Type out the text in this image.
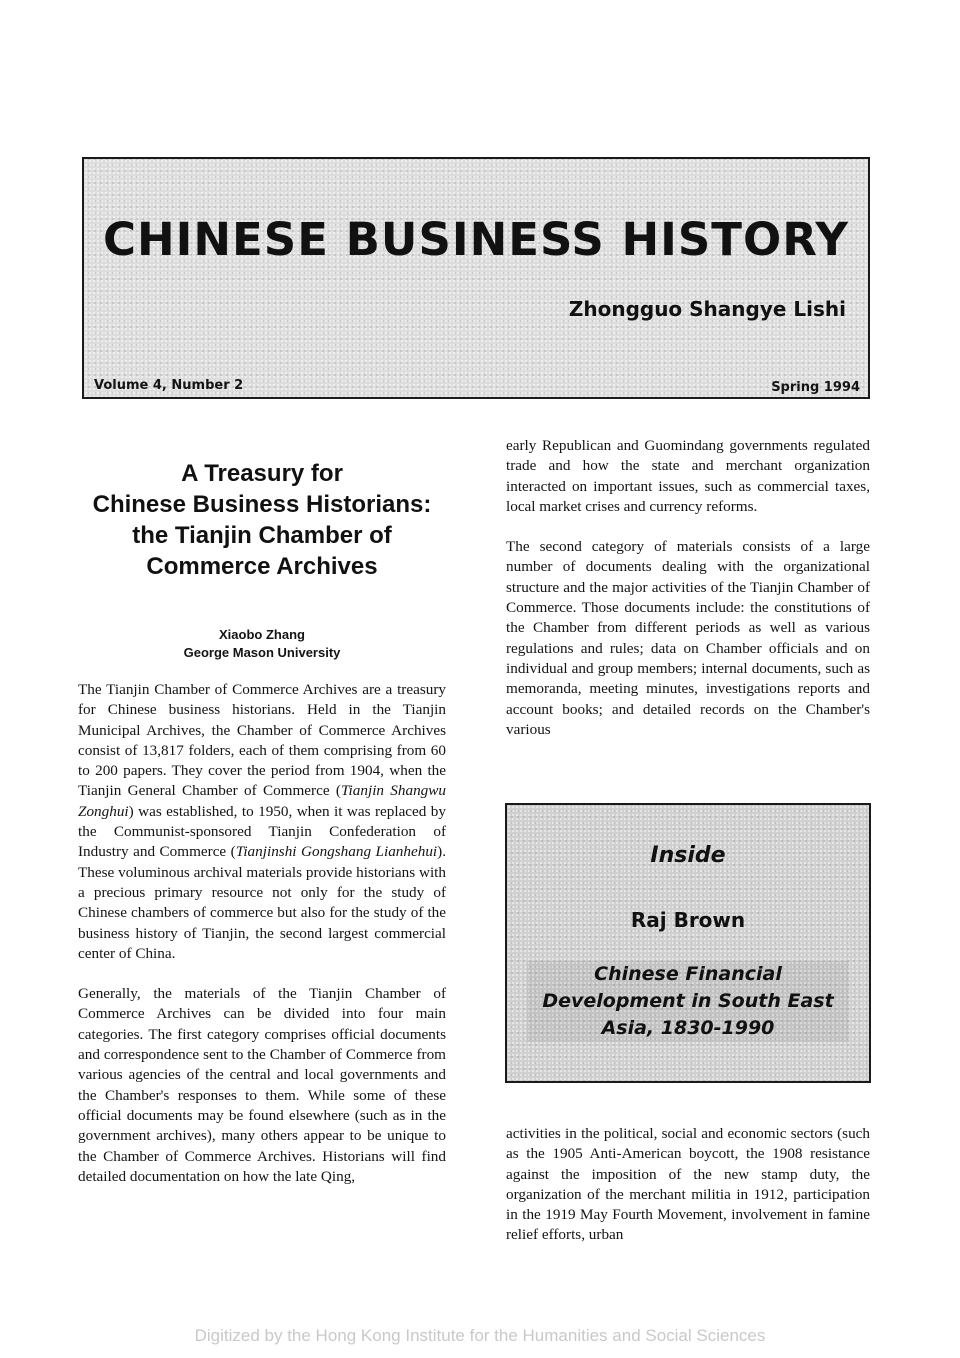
CHINESE BUSINESS HISTORY
Zhongguo Shangye Lishi
Volume 4, Number 2	Spring 1994
A Treasury for
Chinese Business Historians:
the Tianjin Chamber of
Commerce Archives
Xiaobo Zhang
George Mason University

The Tianjin Chamber of Commerce Archives are a treasury for Chinese business historians. Held in the Tianjin Municipal Archives, the Chamber of Commerce Archives consist of 13,817 folders, each of them comprising from 60 to 200 papers. They cover the period from 1904, when the Tianjin General Chamber of Commerce (Tianjin Shangwu Zonghui) was established, to 1950, when it was replaced by the Communist-sponsored Tianjin Confederation of Industry and Commerce (Tianjinshi Gongshang Lianhehui). These voluminous archival materials provide historians with a precious primary resource not only for the study of Chinese chambers of commerce but also for the study of the business history of Tianjin, the second largest commercial center of China.

Generally, the materials of the Tianjin Chamber of Commerce Archives can be divided into four main categories. The first category comprises official documents and correspondence sent to the Chamber of Commerce from various agencies of the central and local governments and the Chamber's responses to them. While some of these official documents may be found elsewhere (such as in the government archives), many others appear to be unique to the Chamber of Commerce Archives. Historians will find detailed documentation on how the late Qing,

early Republican and Guomindang governments regulated trade and how the state and merchant organization interacted on important issues, such as commercial taxes, local market crises and currency reforms.

The second category of materials consists of a large number of documents dealing with the organizational structure and the major activities of the Tianjin Chamber of Commerce. Those documents include: the constitutions of the Chamber from different periods as well as various regulations and rules; data on Chamber officials and on individual and group members; internal documents, such as memoranda, meeting minutes, investigations reports and account books; and detailed records on the Chamber's various

Inside
Raj Brown
Chinese Financial
Development in South East
Asia, 1830-1990

activities in the political, social and economic sectors (such as the 1905 Anti-American boycott, the 1908 resistance against the imposition of the new stamp duty, the organization of the merchant militia in 1912, participation in the 1919 May Fourth Movement, involvement in famine relief efforts, urban

Digitized by the Hong Kong Institute for the Humanities and Social Sciences
